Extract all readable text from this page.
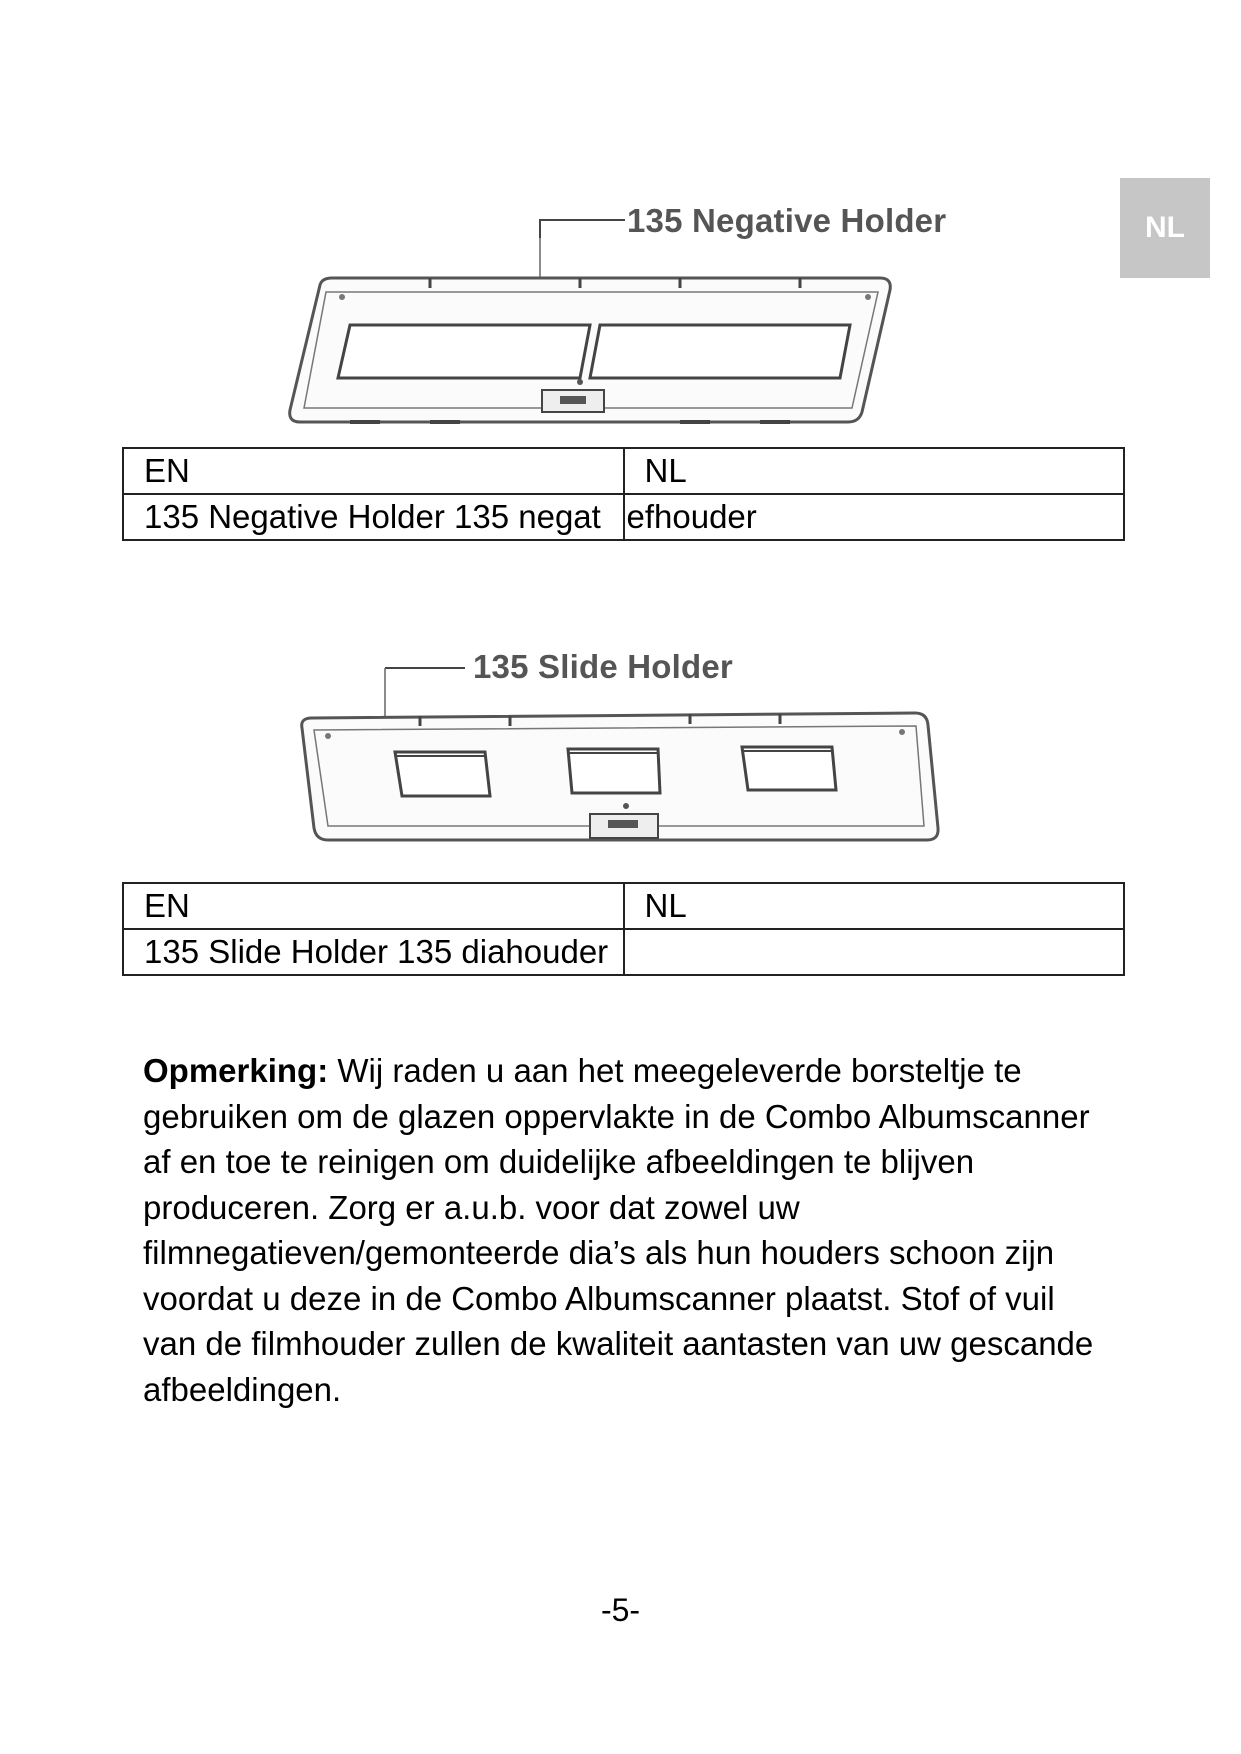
NL
135 Negative Holder
EN	NL
135 Negative Holder 135 negat	efhouder
135 Slide Holder
EN	NL
135 Slide Holder 135 diahouder	
Opmerking: Wij raden u aan het meegeleverde borsteltje te gebruiken om de glazen oppervlakte in de Combo Albumscanner af en toe te reinigen om duidelijke afbeeldingen te blijven produceren. Zorg er a.u.b. voor dat zowel uw filmnegatieven/gemonteerde dia’s als hun houders schoon zijn voordat u deze in de Combo Albumscanner plaatst. Stof of vuil van de filmhouder zullen de kwaliteit aantasten van uw gescande afbeeldingen.
-5-
